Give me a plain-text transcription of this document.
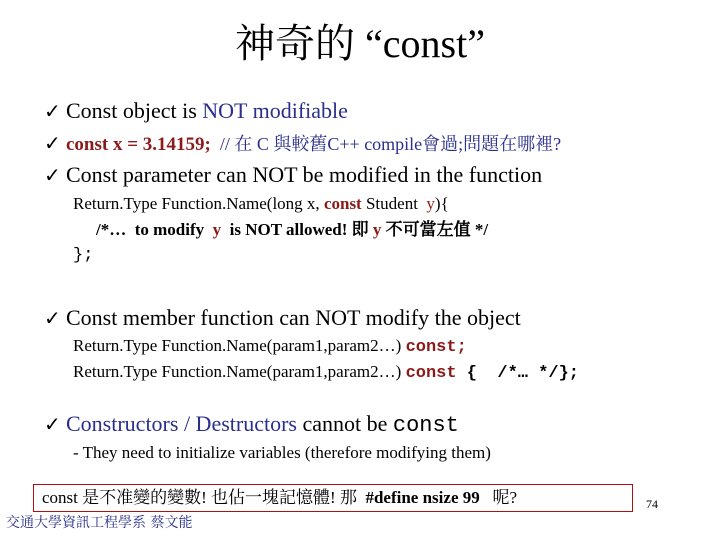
神奇的 “const”
✓ Const object is NOT modifiable
✓ const x = 3.14159;  // 在 C 與較舊C++ compile會過;問題在哪裡?
✓ Const parameter can NOT be modified in the function
Return.Type Function.Name(long x, const Student  y){
/*…  to modify  y  is NOT allowed! 即 y 不可當左值 */
};
✓ Const member function can NOT modify the object
Return.Type Function.Name(param1,param2…) const;
Return.Type Function.Name(param1,param2…) const {  /*… */};
✓ Constructors / Destructors cannot be const
- They need to initialize variables (therefore modifying them)
const 是不准變的變數! 也佔一塊記憶體! 那  #define nsize 99   呢?	74
交通大學資訊工程學系 蔡文能
